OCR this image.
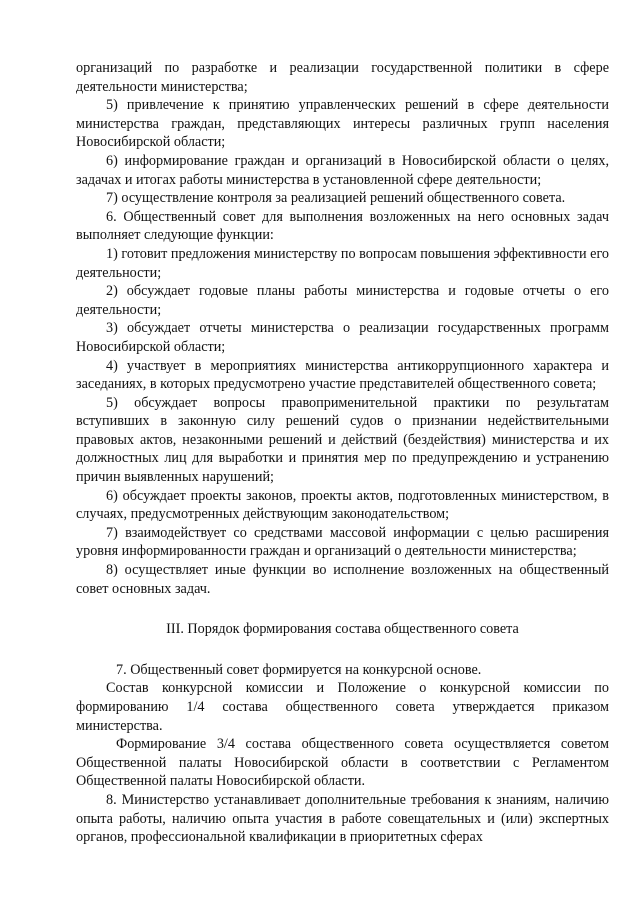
организаций по разработке и реализации государственной политики в сфере деятельности министерства;

5) привлечение к принятию управленческих решений в сфере деятельности министерства граждан, представляющих интересы различных групп населения Новосибирской области;

6) информирование граждан и организаций в Новосибирской области о целях, задачах и итогах работы министерства в установленной сфере деятельности;

7) осуществление контроля за реализацией решений общественного совета.

6. Общественный совет для выполнения возложенных на него основных задач выполняет следующие функции:

1) готовит предложения министерству по вопросам повышения эффективности его деятельности;

2) обсуждает годовые планы работы министерства и годовые отчеты о его деятельности;

3) обсуждает отчеты министерства о реализации государственных программ Новосибирской области;

4) участвует в мероприятиях министерства антикоррупционного характера и заседаниях, в которых предусмотрено участие представителей общественного совета;

5) обсуждает вопросы правоприменительной практики по результатам вступивших в законную силу решений судов о признании недействительными правовых актов, незаконными решений и действий (бездействия) министерства и их должностных лиц для выработки и принятия мер по предупреждению и устранению причин выявленных нарушений;

6) обсуждает проекты законов, проекты актов, подготовленных министерством, в случаях, предусмотренных действующим законодательством;

7) взаимодействует со средствами массовой информации с целью расширения уровня информированности граждан и организаций о деятельности министерства;

8) осуществляет иные функции во исполнение возложенных на общественный совет основных задач.

III. Порядок формирования состава общественного совета

7. Общественный совет формируется на конкурсной основе.

Состав конкурсной комиссии и Положение о конкурсной комиссии по формированию 1/4 состава общественного совета утверждается приказом министерства.

Формирование 3/4 состава общественного совета осуществляется советом Общественной палаты Новосибирской области в соответствии с Регламентом Общественной палаты Новосибирской области.

8. Министерство устанавливает дополнительные требования к знаниям, наличию опыта работы, наличию опыта участия в работе совещательных и (или) экспертных органов, профессиональной квалификации в приоритетных сферах
